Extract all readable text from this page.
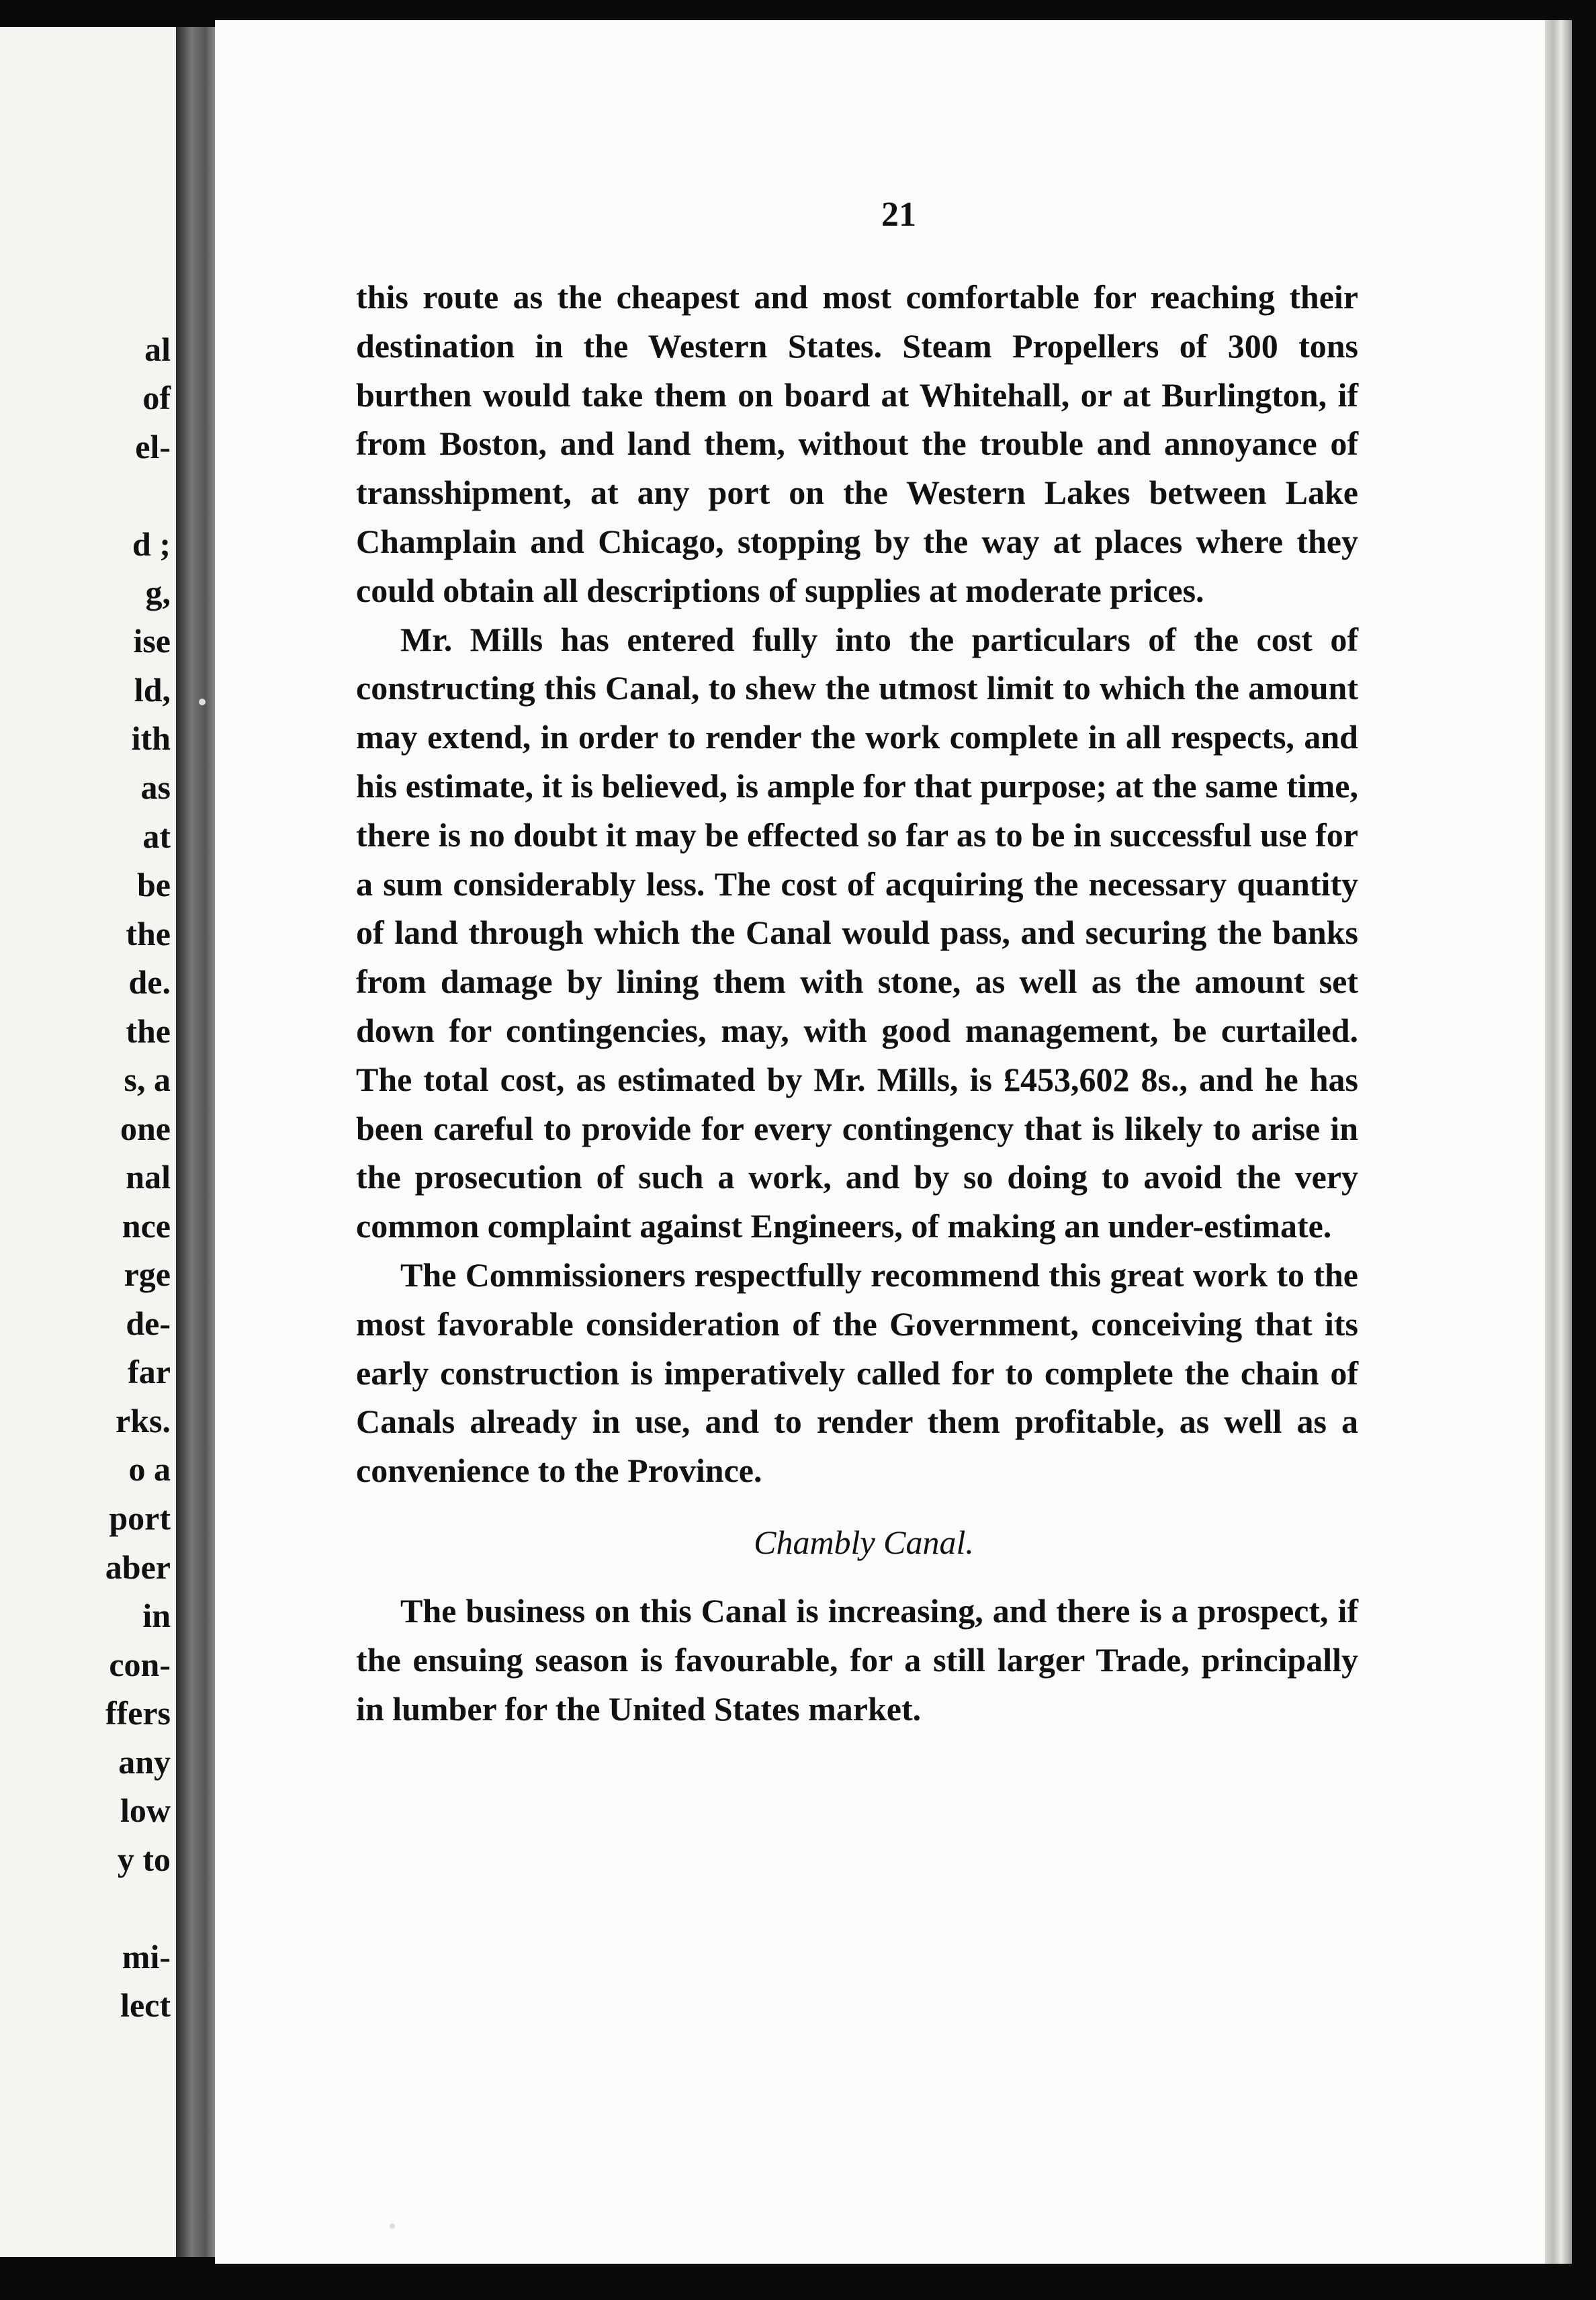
al
of
el-
d ;
g,
ise
ld,
ith
as
at
be
the
de.
the
s, a
one
nal
nce
rge
de-
far
rks.
o a
port
aber
in
con-
ffers
any
low
y to
mi-
lect
21

this route as the cheapest and most comfortable for reaching their destination in the Western States. Steam Propellers of 300 tons burthen would take them on board at Whitehall, or at Burlington, if from Boston, and land them, without the trouble and annoyance of transshipment, at any port on the Western Lakes between Lake Champlain and Chicago, stopping by the way at places where they could obtain all descriptions of supplies at moderate prices.

Mr. Mills has entered fully into the particulars of the cost of constructing this Canal, to shew the utmost limit to which the amount may extend, in order to render the work complete in all respects, and his estimate, it is believed, is ample for that purpose; at the same time, there is no doubt it may be effected so far as to be in successful use for a sum considerably less. The cost of acquiring the necessary quantity of land through which the Canal would pass, and securing the banks from damage by lining them with stone, as well as the amount set down for contingencies, may, with good management, be curtailed. The total cost, as estimated by Mr. Mills, is £453,602 8s., and he has been careful to provide for every contingency that is likely to arise in the prosecution of such a work, and by so doing to avoid the very common complaint against Engineers, of making an under-estimate.

The Commissioners respectfully recommend this great work to the most favorable consideration of the Government, conceiving that its early construction is imperatively called for to complete the chain of Canals already in use, and to render them profitable, as well as a convenience to the Province.

Chambly Canal.

The business on this Canal is increasing, and there is a prospect, if the ensuing season is favourable, for a still larger Trade, principally in lumber for the United States market.
